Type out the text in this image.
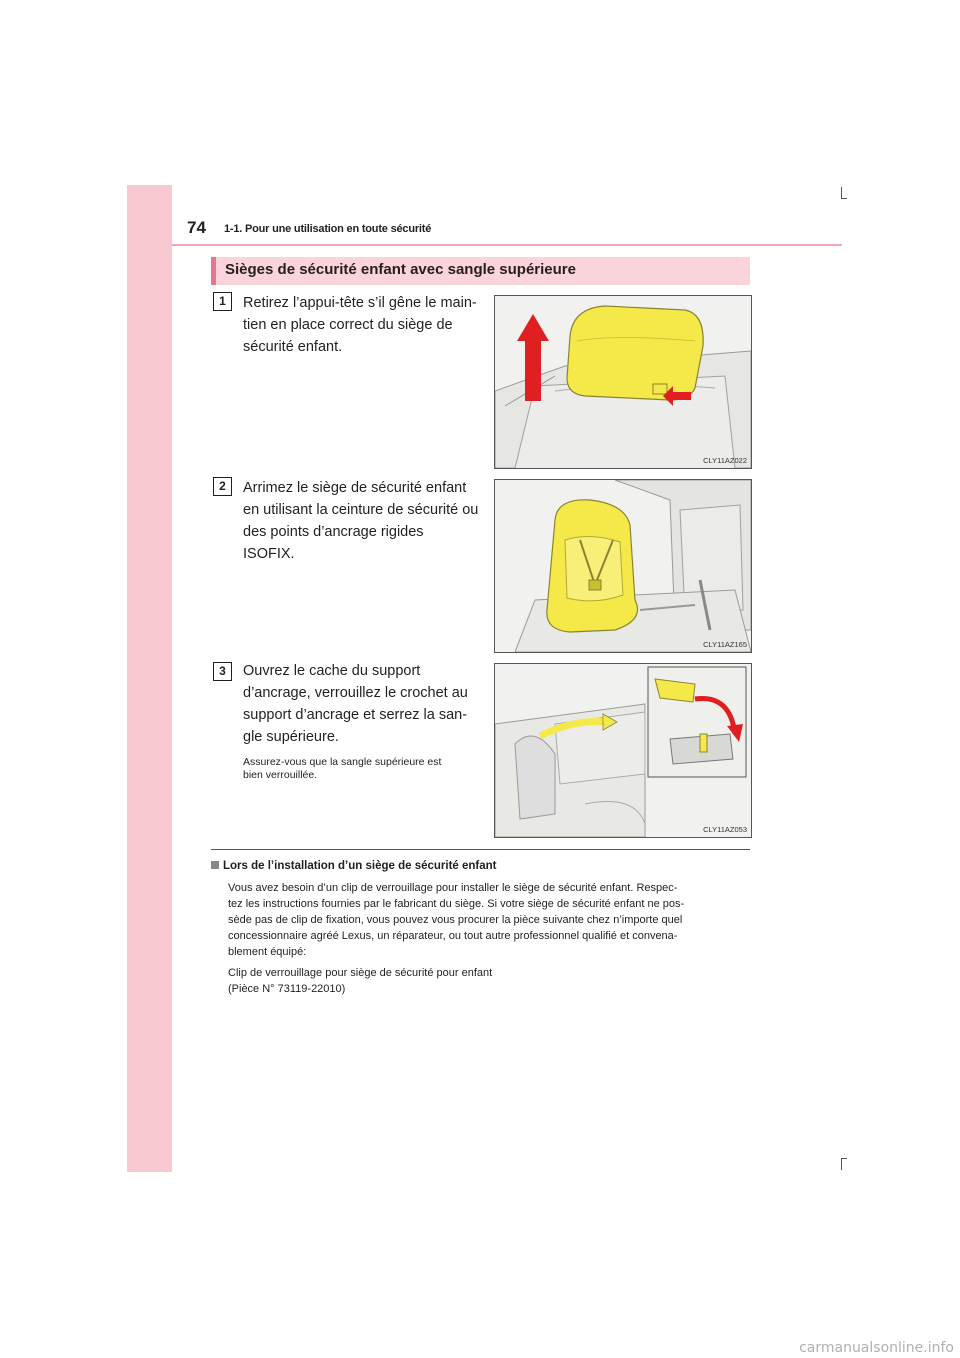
74 1-1. Pour une utilisation en toute sécurité
Sièges de sécurité enfant avec sangle supérieure
1	Retirez l’appui-tête s’il gêne le main-
tien en place correct du siège de
sécurité enfant.
CLY11AZ022
2	Arrimez le siège de sécurité enfant
en utilisant la ceinture de sécurité ou
des points d’ancrage rigides
ISOFIX.
CLY11AZ165
3	Ouvrez le cache du support
d’ancrage, verrouillez le crochet au
support d’ancrage et serrez la san-
gle supérieure.
Assurez-vous que la sangle supérieure est
bien verrouillée.
CLY11AZ053
Lors de l’installation d’un siège de sécurité enfant
Vous avez besoin d’un clip de verrouillage pour installer le siège de sécurité enfant. Respec-
tez les instructions fournies par le fabricant du siège. Si votre siège de sécurité enfant ne pos-
sède pas de clip de fixation, vous pouvez vous procurer la pièce suivante chez n’importe quel
concessionnaire agréé Lexus, un réparateur, ou tout autre professionnel qualifié et convena-
blement équipé:
Clip de verrouillage pour siège de sécurité pour enfant
(Pièce N° 73119-22010)
carmanualsonline.info
